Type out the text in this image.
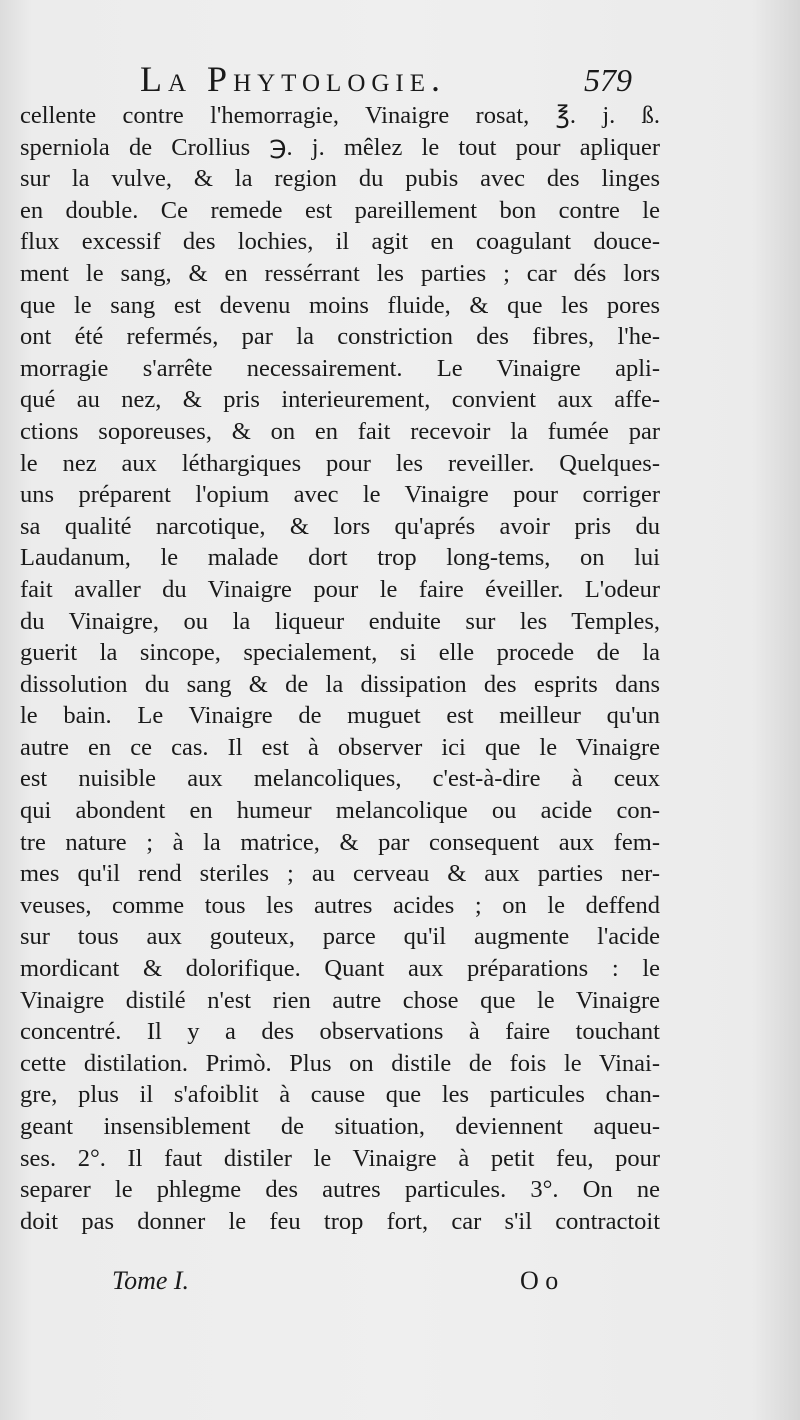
La Phytologie.	579
cellente contre l'hemorragie, Vinaigre rosat, ℥. j. ß.
sperniola de Crollius ℈. j. mêlez le tout pour apliquer
sur la vulve, & la region du pubis avec des linges
en double. Ce remede est pareillement bon contre le
flux excessif des lochies, il agit en coagulant douce-
ment le sang, & en ressérrant les parties ; car dés lors
que le sang est devenu moins fluide, & que les pores
ont été refermés, par la constriction des fibres, l'he-
morragie s'arrête necessairement. Le Vinaigre apli-
qué au nez, & pris interieurement, convient aux affe-
ctions soporeuses, & on en fait recevoir la fumée par
le nez aux léthargiques pour les reveiller. Quelques-
uns préparent l'opium avec le Vinaigre pour corriger
sa qualité narcotique, & lors qu'aprés avoir pris du
Laudanum, le malade dort trop long-tems, on lui
fait avaller du Vinaigre pour le faire éveiller. L'odeur
du Vinaigre, ou la liqueur enduite sur les Temples,
guerit la sincope, specialement, si elle procede de la
dissolution du sang & de la dissipation des esprits dans
le bain. Le Vinaigre de muguet est meilleur qu'un
autre en ce cas. Il est à observer ici que le Vinaigre
est nuisible aux melancoliques, c'est-à-dire à ceux
qui abondent en humeur melancolique ou acide con-
tre nature ; à la matrice, & par consequent aux fem-
mes qu'il rend steriles ; au cerveau & aux parties ner-
veuses, comme tous les autres acides ; on le deffend
sur tous aux gouteux, parce qu'il augmente l'acide
mordicant & dolorifique. Quant aux préparations : le
Vinaigre distilé n'est rien autre chose que le Vinaigre
concentré. Il y a des observations à faire touchant
cette distilation. Primò. Plus on distile de fois le Vinai-
gre, plus il s'afoiblit à cause que les particules chan-
geant insensiblement de situation, deviennent aqueu-
ses. 2°. Il faut distiler le Vinaigre à petit feu, pour
separer le phlegme des autres particules. 3°. On ne
doit pas donner le feu trop fort, car s'il contractoit
Tome I.	O o
